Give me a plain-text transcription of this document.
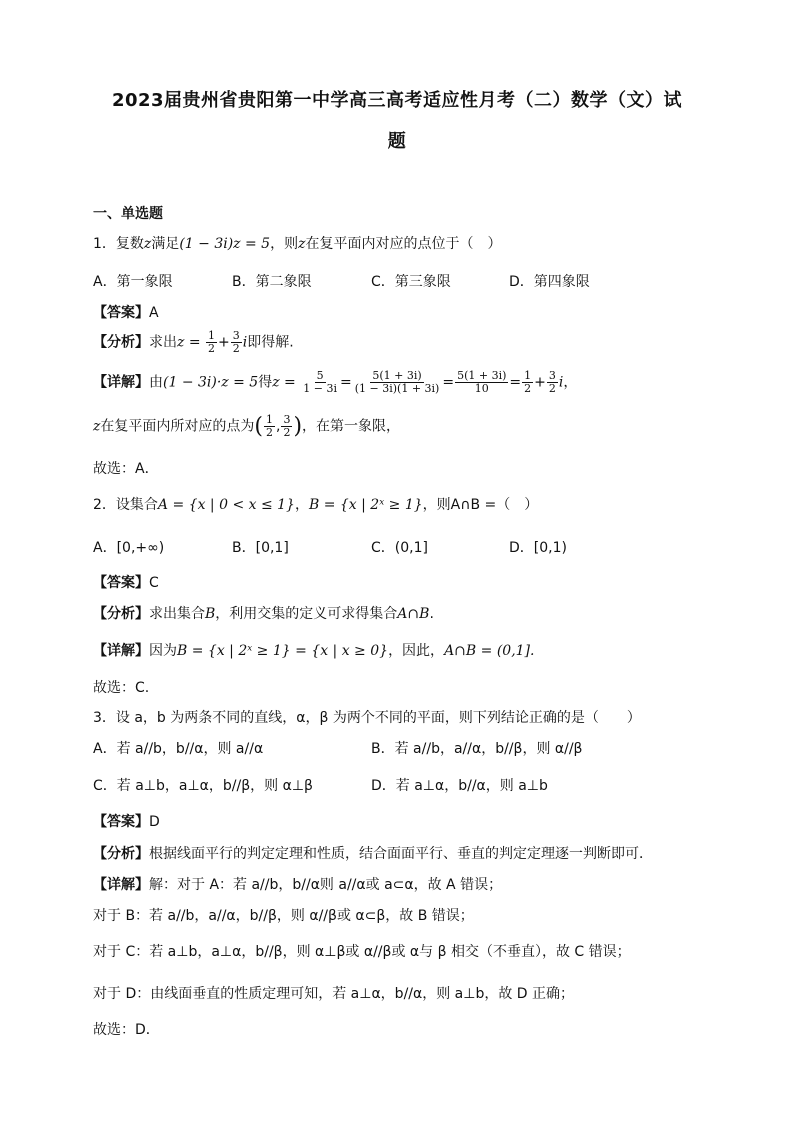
2023届贵州省贵阳第一中学高三高考适应性月考（二）数学（文）试
题
一、单选题
1．复数z满足(1 − 3i)z = 5，则z在复平面内对应的点位于（　）
A．第一象限	B．第二象限	C．第三象限	D．第四象限
【答案】A
【分析】求出$z = \frac{1}{2} + \frac{3}{2}$ i即得解.
【详解】由(1 − 3i)·z = 5得$z = \frac{5}{1 - 3i} = \frac{5(1 + 3i)}{(1 - 3i)(1 + 3i)} = \frac{5(1 + 3i)}{10} = \frac{1}{2} + \frac{3}{2}$ i，
z在复平面内所对应的点为( $\frac{1}{2}$ , $\frac{3}{2}$ )，在第一象限，
故选：A．
2．设集合A = {x | 0 < x ≤ 1}，B = {x | 2ˣ ≥ 1}，则A∩B =（　）
A．[0,+∞)	B．[0,1]	C．(0,1]	D．[0,1)
【答案】C
【分析】求出集合B，利用交集的定义可求得集合A∩B.
【详解】因为B = {x | 2ˣ ≥ 1} = {x | x ≥ 0}，因此，A∩B = (0,1].
故选：C.
3．设 a，b 为两条不同的直线，α，β 为两个不同的平面，则下列结论正确的是（　　）
A．若 a//b，b//α，则 a//α	B．若 a//b，a//α，b//β，则 α//β
C．若 a⊥b，a⊥α，b//β，则 α⊥β	D．若 a⊥α，b//α，则 a⊥b
【答案】D
【分析】根据线面平行的判定定理和性质，结合面面平行、垂直的判定定理逐一判断即可．
【详解】解：对于 A：若 a//b，b//α则 a//α或 a⊂α，故 A 错误；
对于 B：若 a//b，a//α，b//β，则 α//β或 α⊂β，故 B 错误；
对于 C：若 a⊥b，a⊥α，b//β，则 α⊥β或 α//β或 α与 β 相交（不垂直），故 C 错误；
对于 D：由线面垂直的性质定理可知，若 a⊥α，b//α，则 a⊥b，故 D 正确；
故选：D．
